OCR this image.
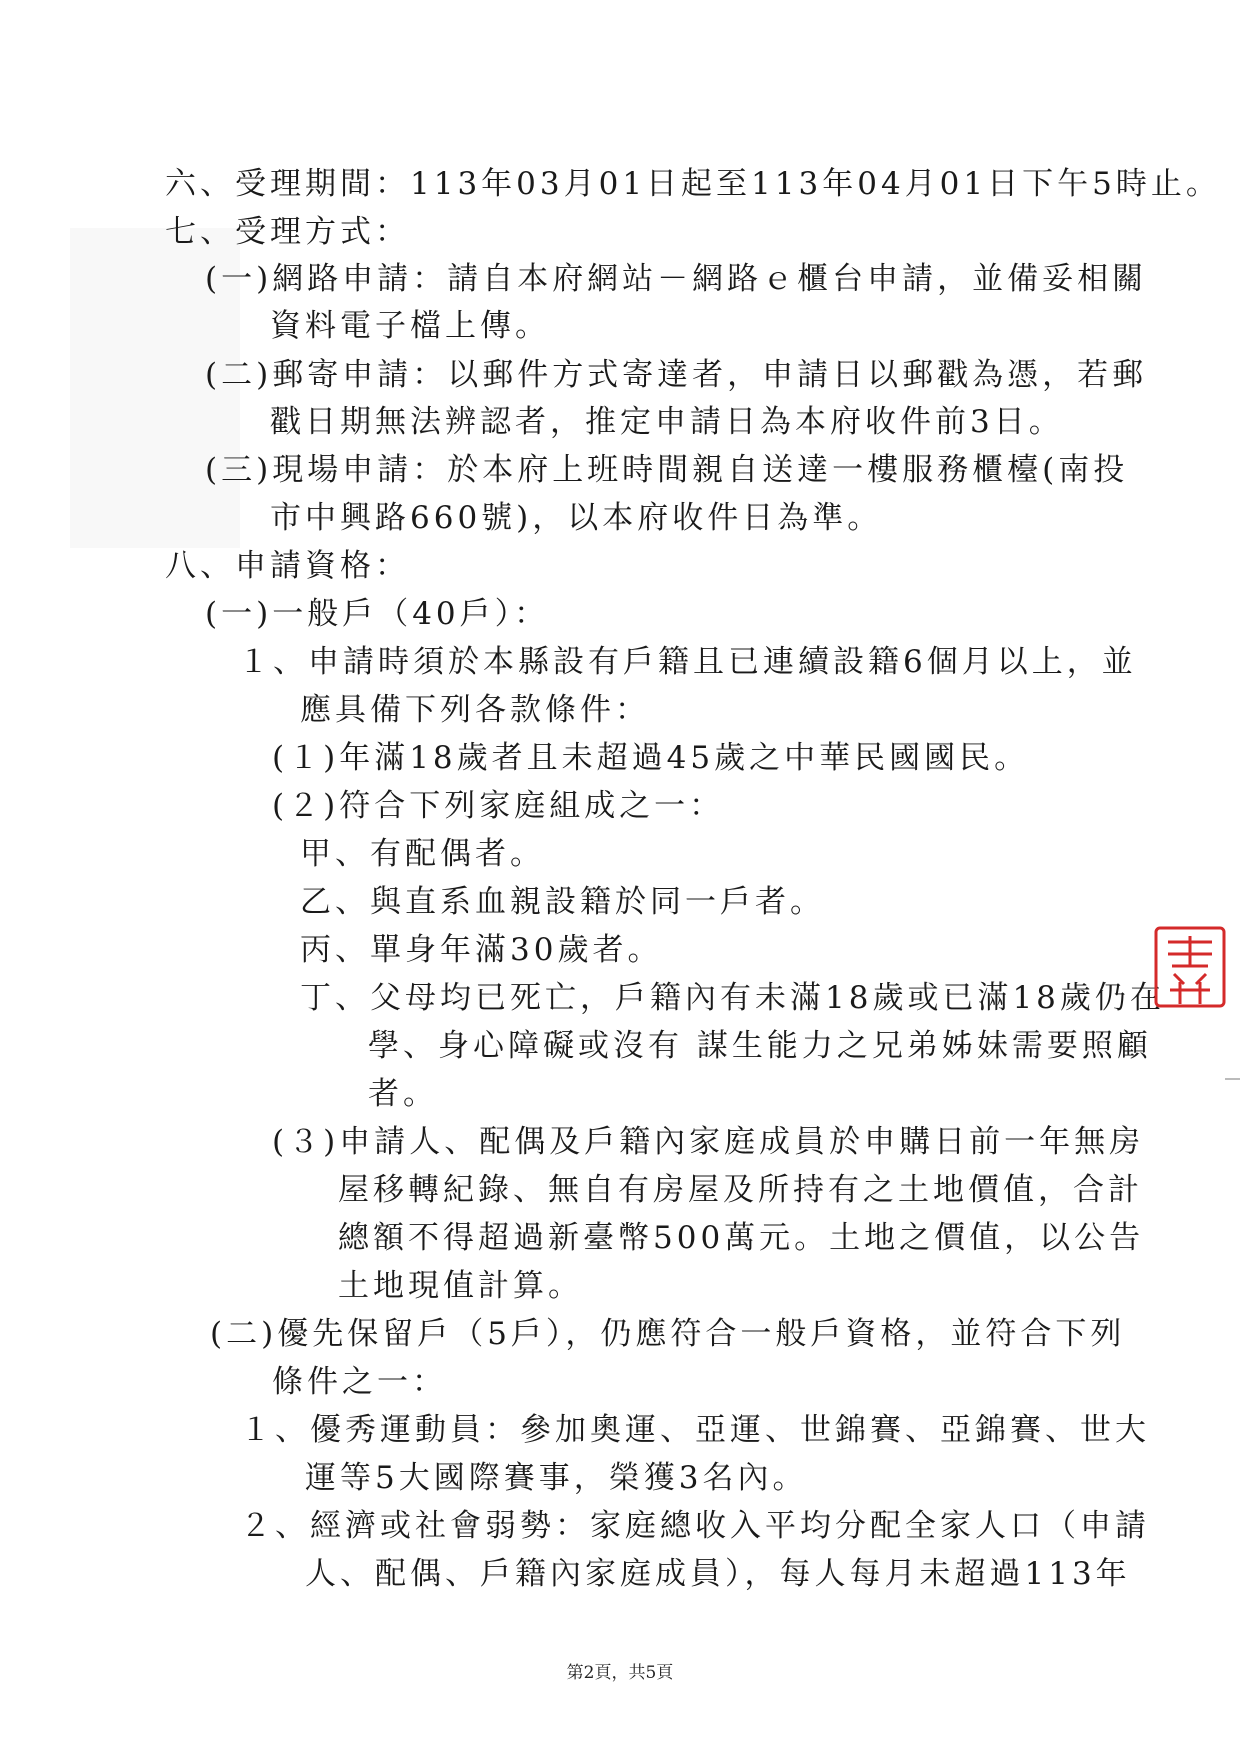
六、受理期間：113年03月01日起至113年04月01日下午5時止。
七、受理方式：
(一)網路申請：請自本府網站－網路ｅ櫃台申請，並備妥相關
資料電子檔上傳。
(二)郵寄申請：以郵件方式寄達者，申請日以郵戳為憑，若郵
戳日期無法辨認者，推定申請日為本府收件前3日。
(三)現場申請：於本府上班時間親自送達一樓服務櫃檯(南投
市中興路660號)，以本府收件日為準。
八、申請資格：
(一)一般戶（40戶）：
１、申請時須於本縣設有戶籍且已連續設籍6個月以上，並
應具備下列各款條件：
(１)年滿18歲者且未超過45歲之中華民國國民。
(２)符合下列家庭組成之一：
甲、有配偶者。
乙、與直系血親設籍於同一戶者。
丙、單身年滿30歲者。
丁、父母均已死亡，戶籍內有未滿18歲或已滿18歲仍在
學、身心障礙或沒有 謀生能力之兄弟姊妹需要照顧
者。
(３)申請人、配偶及戶籍內家庭成員於申購日前一年無房
屋移轉紀錄、無自有房屋及所持有之土地價值，合計
總額不得超過新臺幣500萬元。土地之價值，以公告
土地現值計算。
(二)優先保留戶（5戶），仍應符合一般戶資格，並符合下列
條件之一：
１、優秀運動員：參加奧運、亞運、世錦賽、亞錦賽、世大
運等5大國際賽事，榮獲3名內。
２、經濟或社會弱勢：家庭總收入平均分配全家人口（申請
人、配偶、戶籍內家庭成員），每人每月未超過113年
第2頁，共5頁
